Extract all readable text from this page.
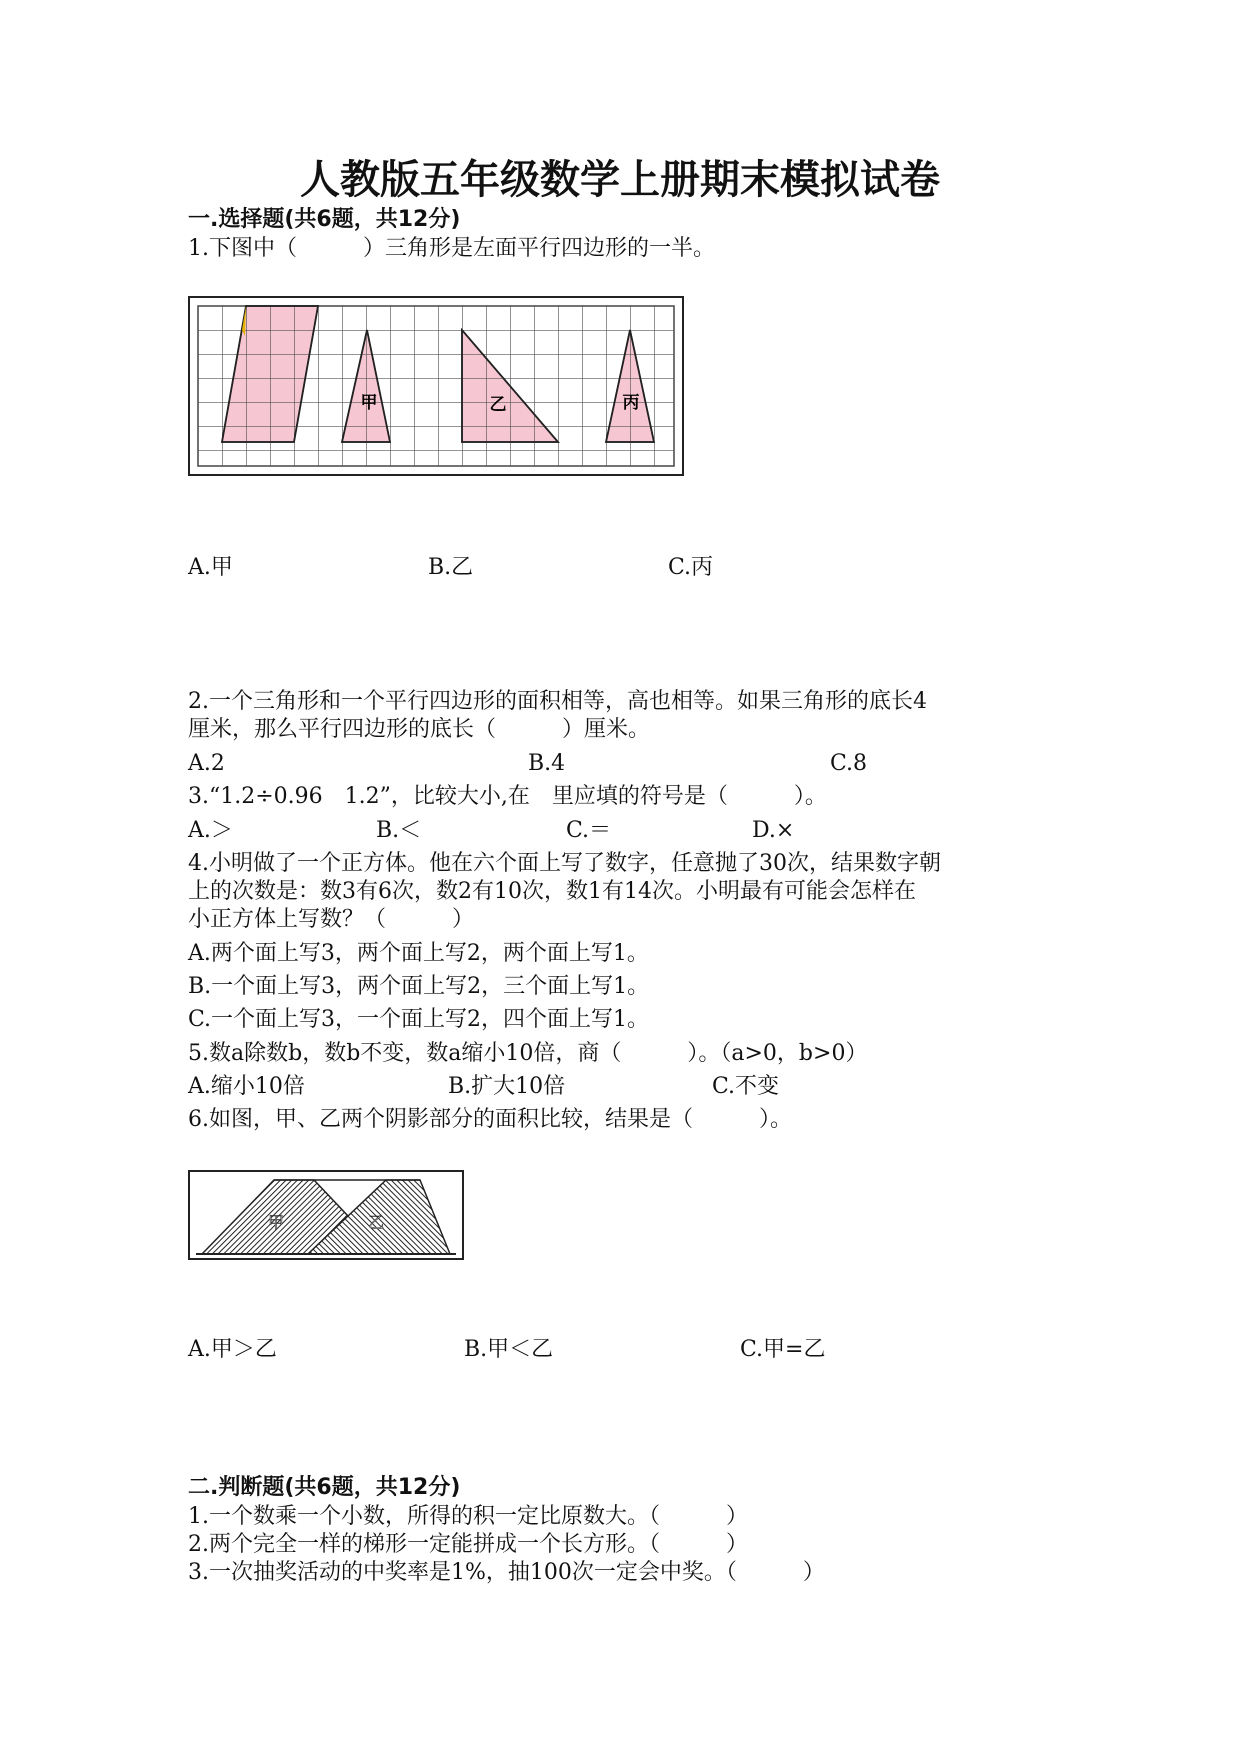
人教版五年级数学上册期末模拟试卷
一.选择题(共6题，共12分)
1.下图中（　　　）三角形是左面平行四边形的一半。
甲	乙	丙
A.甲	B.乙	C.丙
2.一个三角形和一个平行四边形的面积相等，高也相等。如果三角形的底长4
厘米，那么平行四边形的底长（　　　）厘米。
A.2	B.4	C.8
3.“1.2÷0.96　1.2”，比较大小,在　里应填的符号是（　　　）。
A.＞	B.＜	C.＝	D.×
4.小明做了一个正方体。他在六个面上写了数字，任意抛了30次，结果数字朝
上的次数是：数3有6次，数2有10次，数1有14次。小明最有可能会怎样在
小正方体上写数？（　　　）
A.两个面上写3，两个面上写2，两个面上写1。
B.一个面上写3，两个面上写2，三个面上写1。
C.一个面上写3，一个面上写2，四个面上写1。
5.数a除数b，数b不变，数a缩小10倍，商（　　　）。（a>0，b>0）
A.缩小10倍	B.扩大10倍	C.不变
6.如图，甲、乙两个阴影部分的面积比较，结果是（　　　）。
甲	乙
A.甲＞乙	B.甲＜乙	C.甲=乙
二.判断题(共6题，共12分)
1.一个数乘一个小数，所得的积一定比原数大。（　　　）
2.两个完全一样的梯形一定能拼成一个长方形。（　　　）
3.一次抽奖活动的中奖率是1%，抽100次一定会中奖。（　　　）
